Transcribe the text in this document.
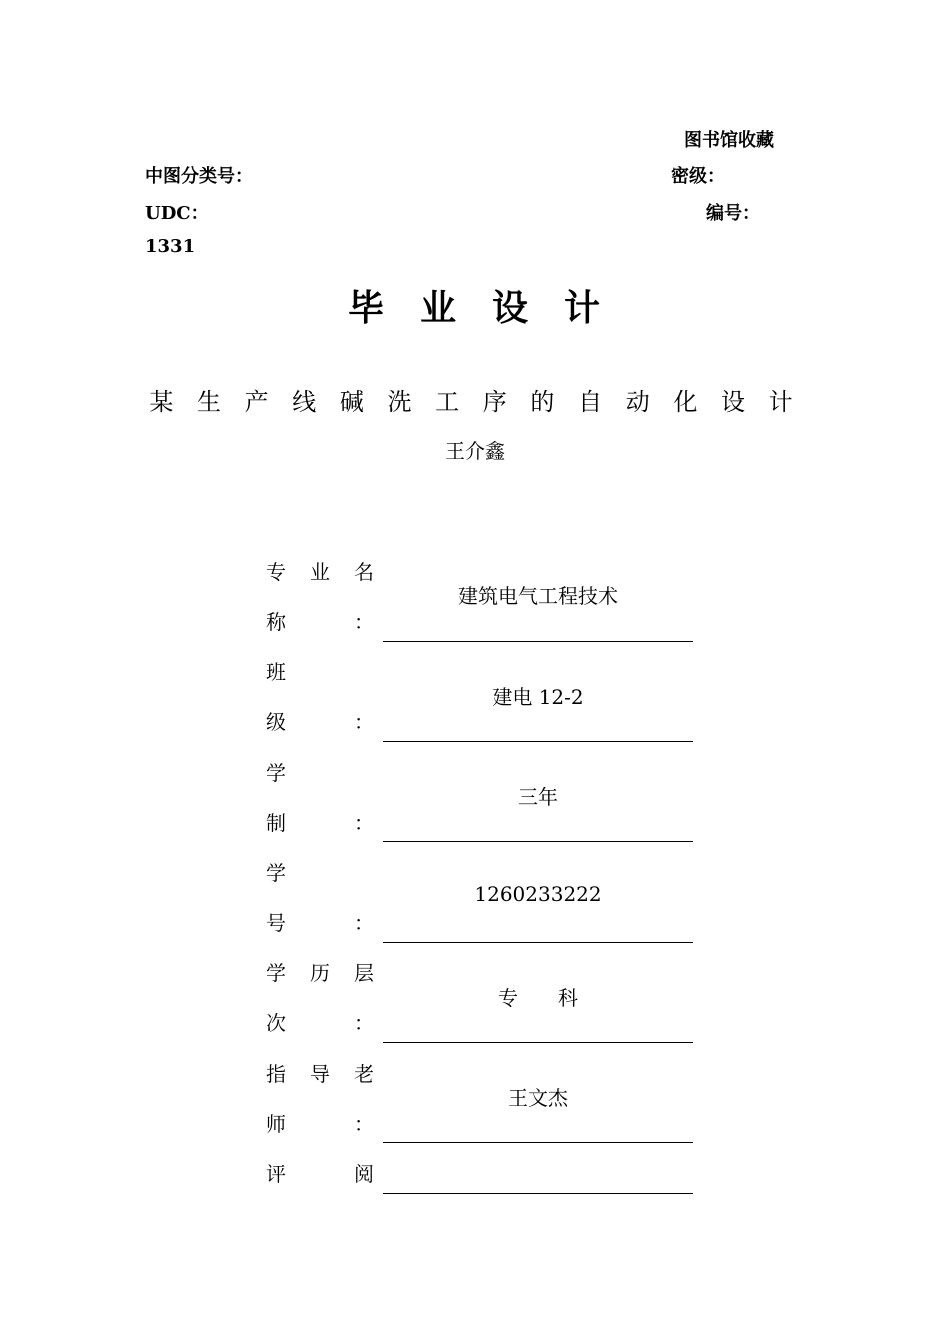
图书馆收藏
中图分类号：	密级：
UDC：	编号：
1331
毕 业 设 计
某 生 产 线 碱 洗 工 序 的 自 动 化 设 计
王介鑫
专 业 名
称	：
建筑电气工程技术
班
级	：
建电 12-2
学
制	：
三年
学
号	：
1260233222
学 历 层
次	：
专　　科
指 导 老
师	：
王文杰
评	阅
